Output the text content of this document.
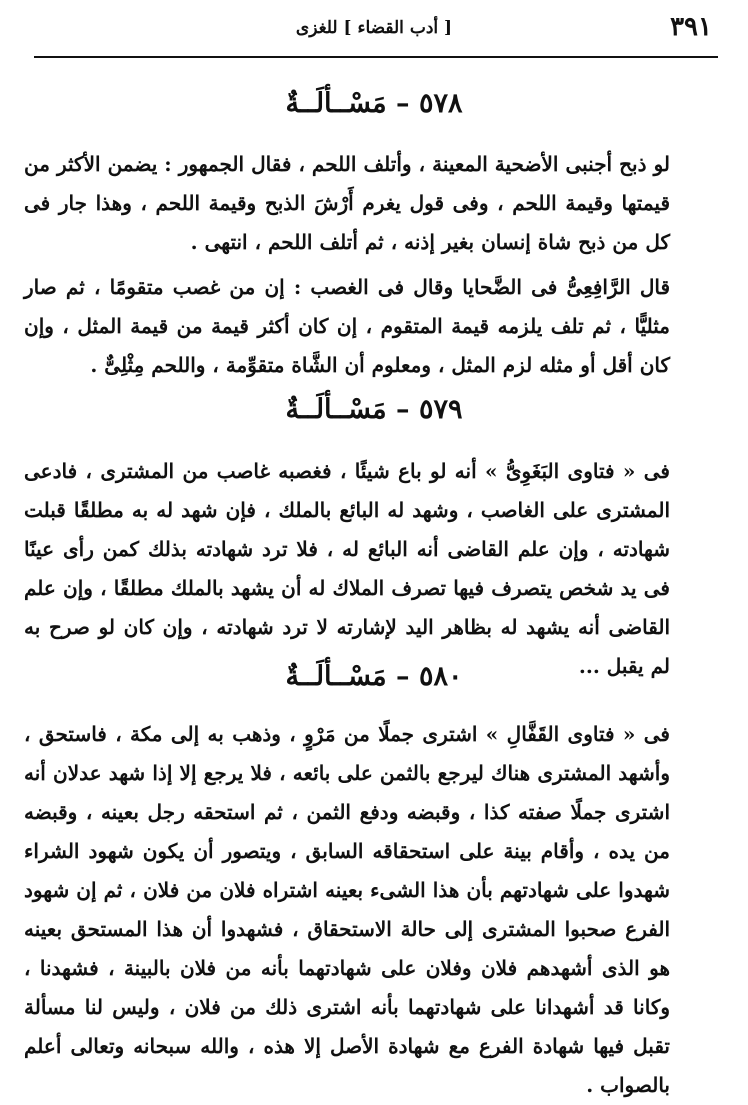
٣٩١
[ أدب القضاء ] للغزى
٥٧٨ – مَسْــألَــةٌ
لو ذبح أجنبى الأضحية المعينة ، وأتلف اللحم ، فقال الجمهور : يضمن الأكثر من قيمتها وقيمة اللحم ، وفى قول يغرم أَرْشَ الذبح وقيمة اللحم ، وهذا جار فى كل من ذبح شاة إنسان بغير إذنه ، ثم أتلف اللحم ، انتهى .
قال الرَّافِعِىُّ فى الضَّحايا وقال فى الغصب : إن من غصب متقومًا ، ثم صار مثليًّا ، ثم تلف يلزمه قيمة المتقوم ، إن كان أكثر قيمة من قيمة المثل ، وإن كان أقل أو مثله لزم المثل ، ومعلوم أن الشَّاة متقوِّمة ، واللحم مِثْلِىٌّ .
٥٧٩ – مَسْــألَــةٌ
فى « فتاوى البَغَوِىُّ » أنه لو باع شيئًا ، فغصبه غاصب من المشترى ، فادعى المشترى على الغاصب ، وشهد له البائع بالملك ، فإن شهد له به مطلقًا قبلت شهادته ، وإن علم القاضى أنه البائع له ، فلا ترد شهادته بذلك كمن رأى عينًا فى يد شخص يتصرف فيها تصرف الملاك له أن يشهد بالملك مطلقًا ، وإن علم القاضى أنه يشهد له بظاهر اليد لإشارته لا ترد شهادته ، وإن كان لو صرح به لم يقبل ...
٥٨٠ – مَسْــألَــةٌ
فى « فتاوى القَفَّالِ » اشترى جملًا من مَرْوٍ ، وذهب به إلى مكة ، فاستحق ، وأشهد المشترى هناك ليرجع بالثمن على بائعه ، فلا يرجع إلا إذا شهد عدلان أنه اشترى جملًا صفته كذا ، وقبضه ودفع الثمن ، ثم استحقه رجل بعينه ، وقبضه من يده ، وأقام بينة على استحقاقه السابق ، ويتصور أن يكون شهود الشراء شهدوا على شهادتهم بأن هذا الشىء بعينه اشتراه فلان من فلان ، ثم إن شهود الفرع صحبوا المشترى إلى حالة الاستحقاق ، فشهدوا أن هذا المستحق بعينه هو الذى أشهدهم فلان وفلان على شهادتهما بأنه من فلان بالبينة ، فشهدنا ، وكانا قد أشهدانا على شهادتهما بأنه اشترى ذلك من فلان ، وليس لنا مسألة تقبل فيها شهادة الفرع مع شهادة الأصل إلا هذه ، والله سبحانه وتعالى أعلم بالصواب .
